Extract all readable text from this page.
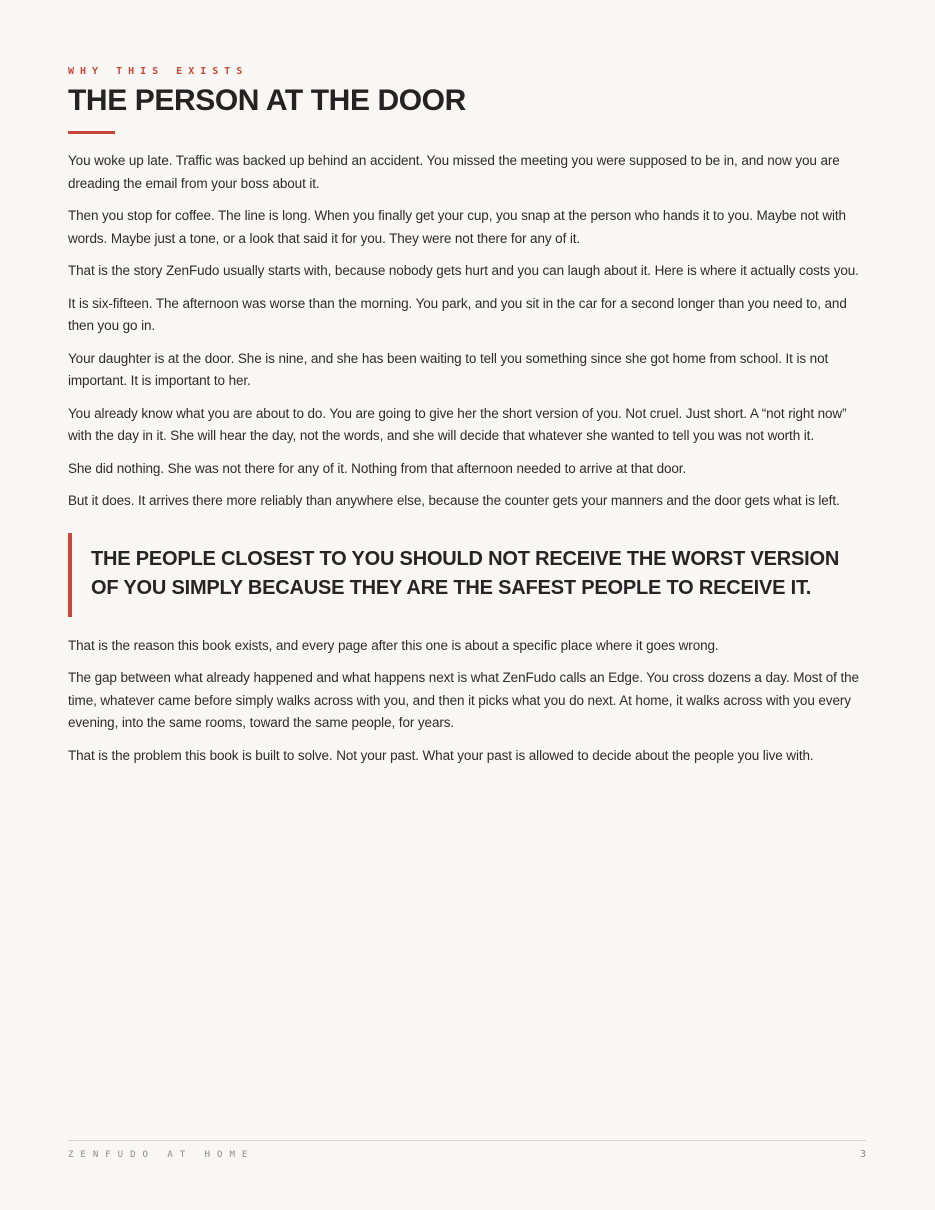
WHY THIS EXISTS

THE PERSON AT THE DOOR

You woke up late. Traffic was backed up behind an accident. You missed the meeting you were supposed to be in, and now you are dreading the email from your boss about it.

Then you stop for coffee. The line is long. When you finally get your cup, you snap at the person who hands it to you. Maybe not with words. Maybe just a tone, or a look that said it for you. They were not there for any of it.

That is the story ZenFudo usually starts with, because nobody gets hurt and you can laugh about it. Here is where it actually costs you.

It is six-fifteen. The afternoon was worse than the morning. You park, and you sit in the car for a second longer than you need to, and then you go in.

Your daughter is at the door. She is nine, and she has been waiting to tell you something since she got home from school. It is not important. It is important to her.

You already know what you are about to do. You are going to give her the short version of you. Not cruel. Just short. A “not right now” with the day in it. She will hear the day, not the words, and she will decide that whatever she wanted to tell you was not worth it.

She did nothing. She was not there for any of it. Nothing from that afternoon needed to arrive at that door.

But it does. It arrives there more reliably than anywhere else, because the counter gets your manners and the door gets what is left.

THE PEOPLE CLOSEST TO YOU SHOULD NOT RECEIVE THE WORST VERSION OF YOU SIMPLY BECAUSE THEY ARE THE SAFEST PEOPLE TO RECEIVE IT.

That is the reason this book exists, and every page after this one is about a specific place where it goes wrong.

The gap between what already happened and what happens next is what ZenFudo calls an Edge. You cross dozens a day. Most of the time, whatever came before simply walks across with you, and then it picks what you do next. At home, it walks across with you every evening, into the same rooms, toward the same people, for years.

That is the problem this book is built to solve. Not your past. What your past is allowed to decide about the people you live with.

ZENFUDO AT HOME	3
